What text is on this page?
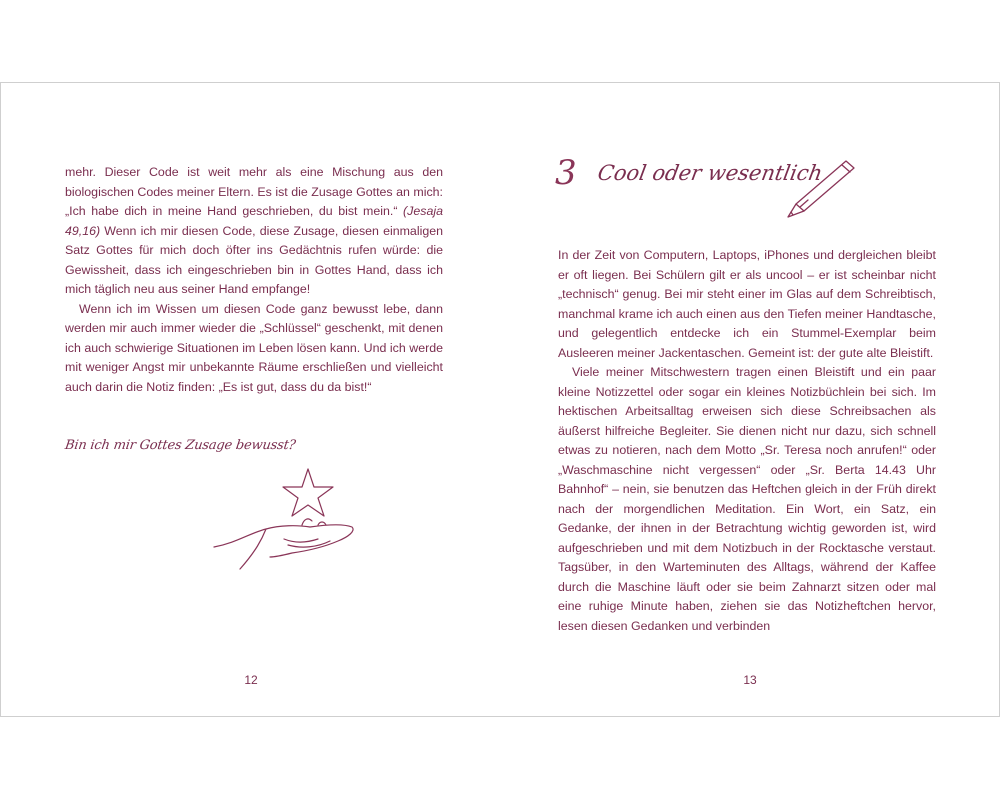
mehr. Dieser Code ist weit mehr als eine Mischung aus den biologischen Codes meiner Eltern. Es ist die Zusage Gottes an mich: „Ich habe dich in meine Hand geschrieben, du bist mein.“ (Jesaja 49,16) Wenn ich mir diesen Code, diese Zusage, diesen einmaligen Satz Gottes für mich doch öfter ins Gedächtnis rufen würde: die Gewissheit, dass ich eingeschrieben bin in Gottes Hand, dass ich mich täglich neu aus seiner Hand empfange!

Wenn ich im Wissen um diesen Code ganz bewusst lebe, dann werden mir auch immer wieder die „Schlüssel“ geschenkt, mit denen ich auch schwierige Situationen im Leben lösen kann. Und ich werde mit weniger Angst mir unbekannte Räume erschließen und vielleicht auch darin die Notiz finden: „Es ist gut, dass du da bist!“

Bin ich mir Gottes Zusage bewusst?
12
3 Cool oder wesentlich

In der Zeit von Computern, Laptops, iPhones und dergleichen bleibt er oft liegen. Bei Schülern gilt er als uncool – er ist scheinbar nicht „technisch“ genug. Bei mir steht einer im Glas auf dem Schreibtisch, manchmal krame ich auch einen aus den Tiefen meiner Handtasche, und gelegentlich entdecke ich ein Stummel-Exemplar beim Ausleeren meiner Jackentaschen. Gemeint ist: der gute alte Bleistift.

Viele meiner Mitschwestern tragen einen Bleistift und ein paar kleine Notizzettel oder sogar ein kleines Notizbüchlein bei sich. Im hektischen Arbeitsalltag erweisen sich diese Schreibsachen als äußerst hilfreiche Begleiter. Sie dienen nicht nur dazu, sich schnell etwas zu notieren, nach dem Motto „Sr. Teresa noch anrufen!“ oder „Waschmaschine nicht vergessen“ oder „Sr. Berta 14.43 Uhr Bahnhof“ – nein, sie benutzen das Heftchen gleich in der Früh direkt nach der morgendlichen Meditation. Ein Wort, ein Satz, ein Gedanke, der ihnen in der Betrachtung wichtig geworden ist, wird aufgeschrieben und mit dem Notizbuch in der Rocktasche verstaut. Tagsüber, in den Warteminuten des Alltags, während der Kaffee durch die Maschine läuft oder sie beim Zahnarzt sitzen oder mal eine ruhige Minute haben, ziehen sie das Notizheftchen hervor, lesen diesen Gedanken und verbinden

13
